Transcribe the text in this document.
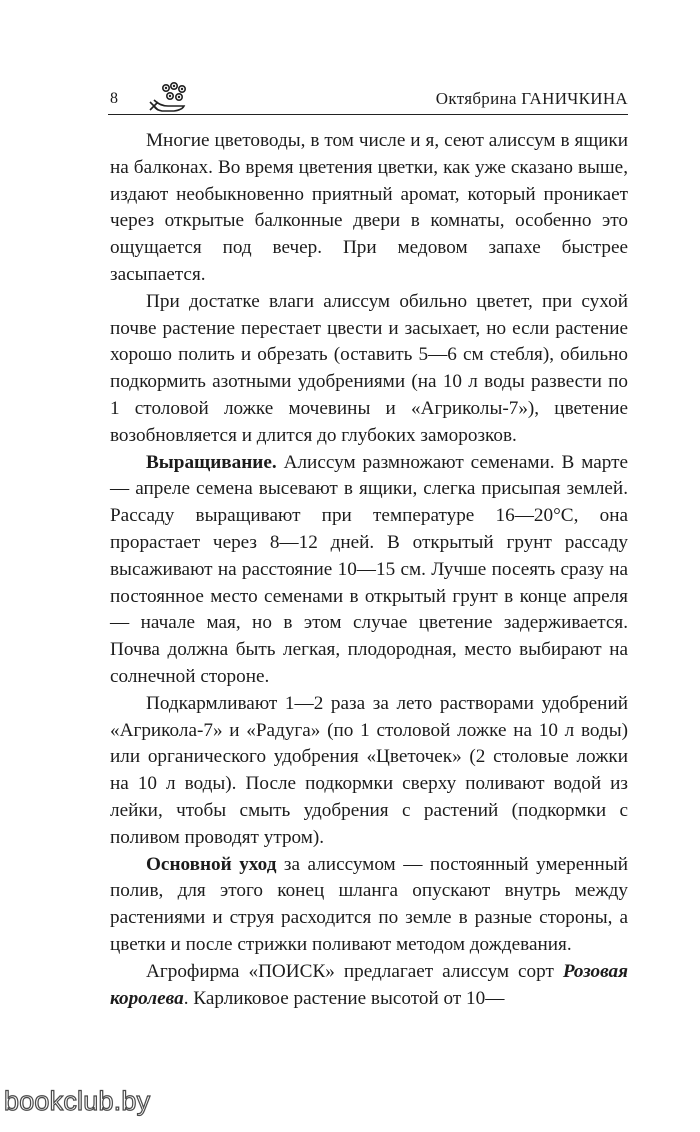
8	Октябрина ГАНИЧКИНА

Многие цветоводы, в том числе и я, сеют алиссум в ящики на балконах. Во время цветения цветки, как уже сказано выше, издают необыкновенно приятный аромат, который проникает через открытые балконные двери в комнаты, особенно это ощущается под вечер. При медовом запахе быстрее засыпается.

При достатке влаги алиссум обильно цветет, при сухой почве растение перестает цвести и засыхает, но если растение хорошо полить и обрезать (оставить 5—6 см стебля), обильно подкормить азотными удобрениями (на 10 л воды развести по 1 столовой ложке мочевины и «Агриколы-7»), цветение возобновляется и длится до глубоких заморозков.

Выращивание. Алиссум размножают семенами. В марте — апреле семена высевают в ящики, слегка присыпая землей. Рассаду выращивают при температуре 16—20°С, она прорастает через 8—12 дней. В открытый грунт рассаду высаживают на расстояние 10—15 см. Лучше посеять сразу на постоянное место семенами в открытый грунт в конце апреля — начале мая, но в этом случае цветение задерживается. Почва должна быть легкая, плодородная, место выбирают на солнечной стороне.

Подкармливают 1—2 раза за лето растворами удобрений «Агрикола-7» и «Радуга» (по 1 столовой ложке на 10 л воды) или органического удобрения «Цветочек» (2 столовые ложки на 10 л воды). После подкормки сверху поливают водой из лейки, чтобы смыть удобрения с растений (подкормки с поливом проводят утром).

Основной уход за алиссумом — постоянный умеренный полив, для этого конец шланга опускают внутрь между растениями и струя расходится по земле в разные стороны, а цветки и после стрижки поливают методом дождевания.

Агрофирма «ПОИСК» предлагает алиссум сорт Розовая королева. Карликовое растение высотой от 10—

bookclub.by
